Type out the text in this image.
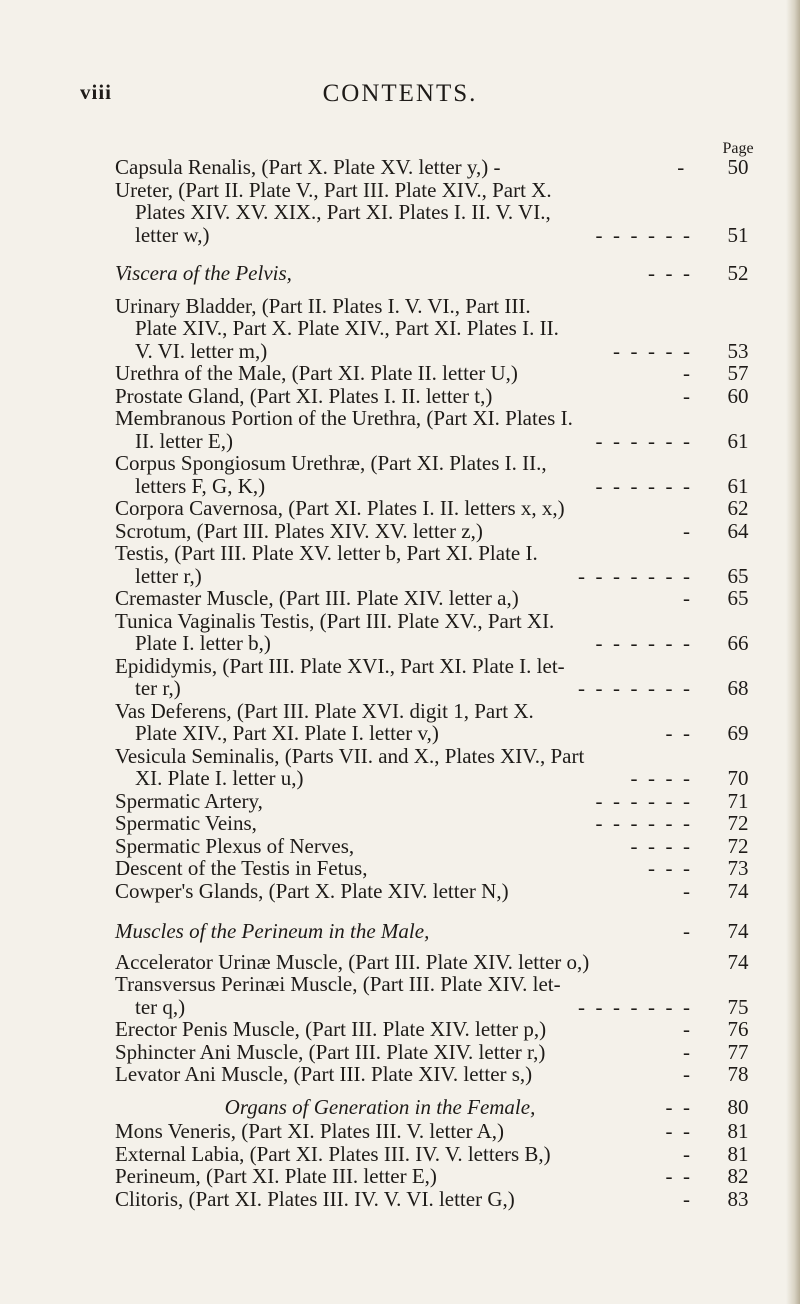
viii	CONTENTS.
Page
Capsula Renalis, (Part X. Plate XV. letter y,) -	50
-
Ureter, (Part II. Plate V., Part III. Plate XIV., Part X.
Plates XIV. XV. XIX., Part XI. Plates I. II. V. VI.,
letter w,)	-  -  -  -  -  -	51
Viscera of the Pelvis,	-  -  -	52
Urinary Bladder, (Part II. Plates I. V. VI., Part III.
Plate XIV., Part X. Plate XIV., Part XI. Plates I. II.
V. VI. letter m,)	-  -  -  -  -	53
Urethra of the Male, (Part XI. Plate II. letter U,)	-	57
Prostate Gland, (Part XI. Plates I. II. letter t,)	-	60
Membranous Portion of the Urethra, (Part XI. Plates I.
II. letter E,)	-  -  -  -  -  -	61
Corpus Spongiosum Urethræ, (Part XI. Plates I. II.,
letters F, G, K,)	-  -  -  -  -  -	61
Corpora Cavernosa, (Part XI. Plates I. II. letters x, x,)	62
Scrotum, (Part III. Plates XIV. XV. letter z,)	-	64
Testis, (Part III. Plate XV. letter b, Part XI. Plate I.
letter r,)	-  -  -  -  -  -  -	65
Cremaster Muscle, (Part III. Plate XIV. letter a,)	-	65
Tunica Vaginalis Testis, (Part III. Plate XV., Part XI.
Plate I. letter b,)	-  -  -  -  -  -	66
Epididymis, (Part III. Plate XVI., Part XI. Plate I. let-
ter r,)	-  -  -  -  -  -  -	68
Vas Deferens, (Part III. Plate XVI. digit 1, Part X.
Plate XIV., Part XI. Plate I. letter v,)	-  -	69
Vesicula Seminalis, (Parts VII. and X., Plates XIV., Part
XI. Plate I. letter u,)	-  -  -  -	70
Spermatic Artery,	-  -  -  -  -  -	71
Spermatic Veins,	-  -  -  -  -  -	72
Spermatic Plexus of Nerves,	-  -  -  -	72
Descent of the Testis in Fetus,	-  -  -	73
Cowper's Glands, (Part X. Plate XIV. letter N,)	-	74
Muscles of the Perineum in the Male,	-	74
Accelerator Urinæ Muscle, (Part III. Plate XIV. letter o,)	74
Transversus Perinæi Muscle, (Part III. Plate XIV. let-
ter q,)	-  -  -  -  -  -  -	75
Erector Penis Muscle, (Part III. Plate XIV. letter p,)	-	76
Sphincter Ani Muscle, (Part III. Plate XIV. letter r,)	-	77
Levator Ani Muscle, (Part III. Plate XIV. letter s,)	-	78
Organs of Generation in the Female,	-  -	80
Mons Veneris, (Part XI. Plates III. V. letter A,)	-  -	81
External Labia, (Part XI. Plates III. IV. V. letters B,)	-	81
Perineum, (Part XI. Plate III. letter E,)	-  -	82
Clitoris, (Part XI. Plates III. IV. V. VI. letter G,)	-	83
